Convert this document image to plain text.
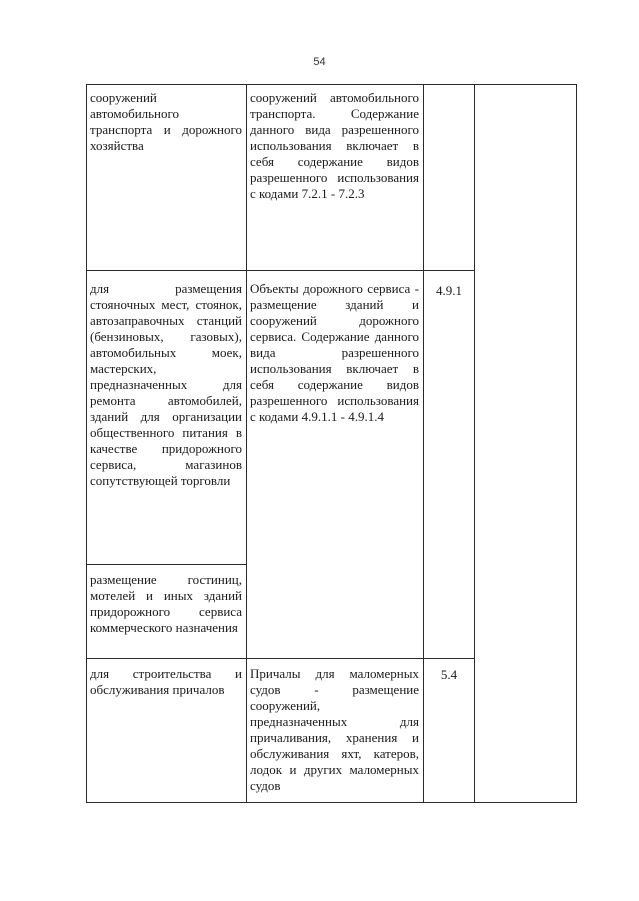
54
сооружений автомобильного транспорта и дорожного хозяйства
сооружений автомобильного транспорта. Содержание данного вида разрешенного использования включает в себя содержание видов разрешенного использования с кодами 7.2.1 - 7.2.3
для размещения стояночных мест, стоянок, автозаправочных станций (бензиновых, газовых), автомобильных моек, мастерских, предназначенных для ремонта автомобилей, зданий для организации общественного питания в качестве придорожного сервиса, магазинов сопутствующей торговли
Объекты дорожного сервиса - размещение зданий и сооружений дорожного сервиса. Содержание данного вида разрешенного использования включает в себя содержание видов разрешенного использования с кодами 4.9.1.1 - 4.9.1.4
4.9.1
размещение гостиниц, мотелей и иных зданий придорожного сервиса коммерческого назначения
для строительства и обслуживания причалов
Причалы для маломерных судов - размещение сооружений, предназначенных для причаливания, хранения и обслуживания яхт, катеров, лодок и других маломерных судов
5.4
